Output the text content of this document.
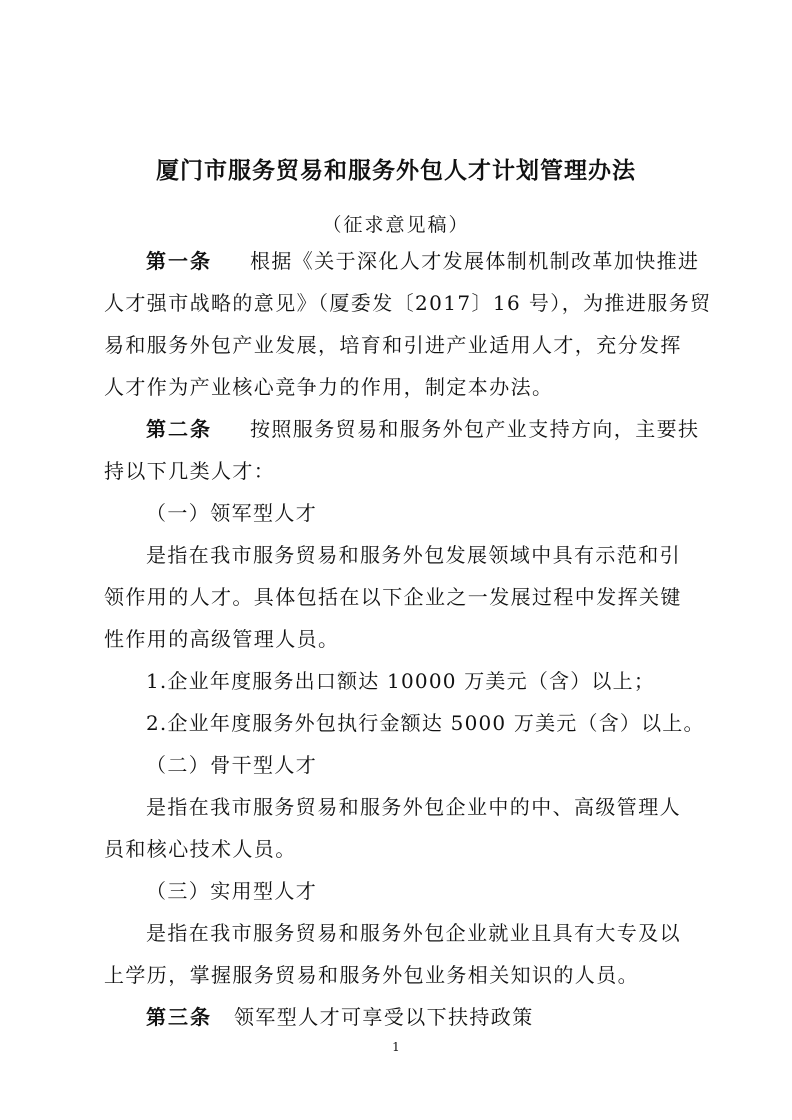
厦门市服务贸易和服务外包人才计划管理办法
（征求意见稿）
第一条 根据《关于深化人才发展体制机制改革加快推进
人才强市战略的意见》（厦委发〔2017〕16 号），为推进服务贸
易和服务外包产业发展，培育和引进产业适用人才，充分发挥
人才作为产业核心竞争力的作用，制定本办法。
第二条 按照服务贸易和服务外包产业支持方向，主要扶
持以下几类人才：
（一）领军型人才
是指在我市服务贸易和服务外包发展领域中具有示范和引
领作用的人才。具体包括在以下企业之一发展过程中发挥关键
性作用的高级管理人员。
1.企业年度服务出口额达 10000 万美元（含）以上；
2.企业年度服务外包执行金额达 5000 万美元（含）以上。
（二）骨干型人才
是指在我市服务贸易和服务外包企业中的中、高级管理人
员和核心技术人员。
（三）实用型人才
是指在我市服务贸易和服务外包企业就业且具有大专及以
上学历，掌握服务贸易和服务外包业务相关知识的人员。
第三条 领军型人才可享受以下扶持政策
1
